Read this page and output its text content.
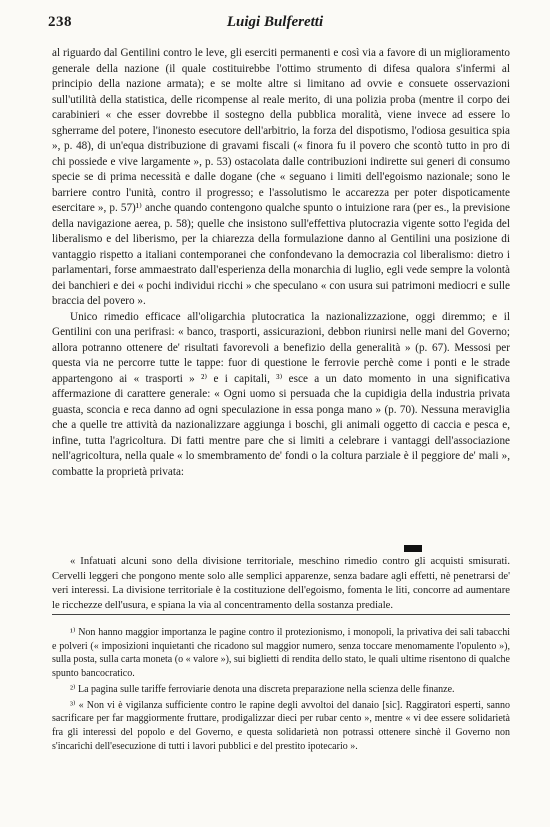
238	Luigi Bulferetti

al riguardo dal Gentilini contro le leve, gli eserciti permanenti e così via a favore di un miglioramento generale della nazione (il quale costituirebbe l'ottimo strumento di difesa qualora s'infermi al principio della nazione armata); e se molte altre si limitano ad ovvie e consuete osservazioni sull'utilità della statistica, delle ricompense al reale merito, di una polizia proba (mentre il corpo dei carabinieri « che esser dovrebbe il sostegno della pubblica moralità, viene invece ad essere lo sgherrame del potere, l'inonesto esecutore dell'arbitrio, la forza del dispotismo, l'odiosa gesuitica spia », p. 48), di un'equa distribuzione di gravami fiscali (« finora fu il povero che scontò tutto in pro di chi possiede e vive largamente », p. 53) ostacolata dalle contribuzioni indirette sui generi di consumo specie se di prima necessità e dalle dogane (che « seguano i limiti dell'egoismo nazionale; sono le barriere contro l'unità, contro il progresso; e l'assolutismo le accarezza per poter dispoticamente esercitare », p. 57)¹⁾ anche quando contengono qualche spunto o intuizione rara (per es., la previsione della navigazione aerea, p. 58); quelle che insistono sull'effettiva plutocrazia vigente sotto l'egida del liberalismo e del liberismo, per la chiarezza della formulazione danno al Gentilini una posizione di vantaggio rispetto a italiani contemporanei che confondevano la democrazia col liberalismo: dietro i parlamentari, forse ammaestrato dall'esperienza della monarchia di luglio, egli vede sempre la volontà dei banchieri e dei « pochi individui ricchi » che speculano « con usura sui patrimoni mediocri e sulle braccia del povero ».

Unico rimedio efficace all'oligarchia plutocratica la nazionalizzazione, oggi diremmo; e il Gentilini con una perifrasi: « banco, trasporti, assicurazioni, debbon riunirsi nelle mani del Governo; allora potranno ottenere de' risultati favorevoli a benefizio della generalità » (p. 67). Messosi per questa via ne percorre tutte le tappe: fuor di questione le ferrovie perchè come i ponti e le strade appartengono ai « trasporti » ²⁾ e i capitali, ³⁾ esce a un dato momento in una significativa affermazione di carattere generale: « Ogni uomo si persuada che la cupidigia della industria privata guasta, sconcia e reca danno ad ogni speculazione in essa ponga mano » (p. 70). Nessuna meraviglia che a quelle tre attività da nazionalizzare aggiunga i boschi, gli animali oggetto di caccia e pesca e, infine, tutta l'agricoltura. Di fatti mentre pare che si limiti a celebrare i vantaggi dell'associazione nell'agricoltura, nella quale « lo smembramento de' fondi o la coltura parziale è il peggiore de' mali », combatte la proprietà privata:

« Infatuati alcuni sono della divisione territoriale, meschino rimedio contro gli acquisti smisurati. Cervelli leggeri che pongono mente solo alle semplici apparenze, senza badare agli effetti, nè penetrarsi de' veri interessi. La divisione territoriale è la costituzione dell'egoismo, fomenta le liti, concorre ad aumentare le ricchezze dell'usura, e spiana la via al concentramento della sostanza prediale.

¹⁾ Non hanno maggior importanza le pagine contro il protezionismo, i monopoli, la privativa dei sali tabacchi e polveri (« imposizioni inquietanti che ricadono sul maggior numero, senza toccare menomamente l'opulento »), sulla posta, sulla carta moneta (o « valore »), sui biglietti di rendita dello stato, le quali ultime risentono di qualche spunto bancocratico.

²⁾ La pagina sulle tariffe ferroviarie denota una discreta preparazione nella scienza delle finanze.

³⁾ « Non vi è vigilanza sufficiente contro le rapine degli avvoltoi del danaio [sic]. Raggiratori esperti, sanno sacrificare per far maggiormente fruttare, prodigalizzar dieci per rubar cento », mentre « vi dee essere solidarietà fra gli interessi del popolo e del Governo, e questa solidarietà non potrassi ottenere sinchè il Governo non s'incarichi dell'esecuzione di tutti i lavori pubblici e del prestito ipotecario ».
